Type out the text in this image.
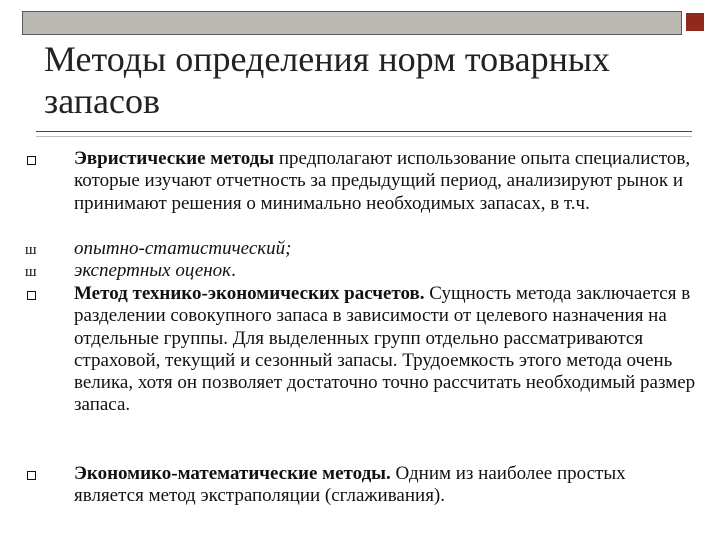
Методы определения норм товарных запасов
Эвристические методы предполагают использование опыта специалистов, которые изучают отчетность за предыдущий период, анализируют рынок и принимают решения о минимально необходимых запасах, в т.ч.
ш опытно-статистический;
ш экспертных оценок.
Метод технико-экономических расчетов. Сущность метода заключается в разделении совокупного запаса в зависимости от целевого назначения на отдельные группы. Для выделенных групп отдельно рассматриваются страховой, текущий и сезонный запасы. Трудоемкость этого метода очень велика, хотя он позволяет достаточно точно рассчитать необходимый размер запаса.
Экономико-математические методы. Одним из наиболее простых является метод экстраполяции (сглаживания).
